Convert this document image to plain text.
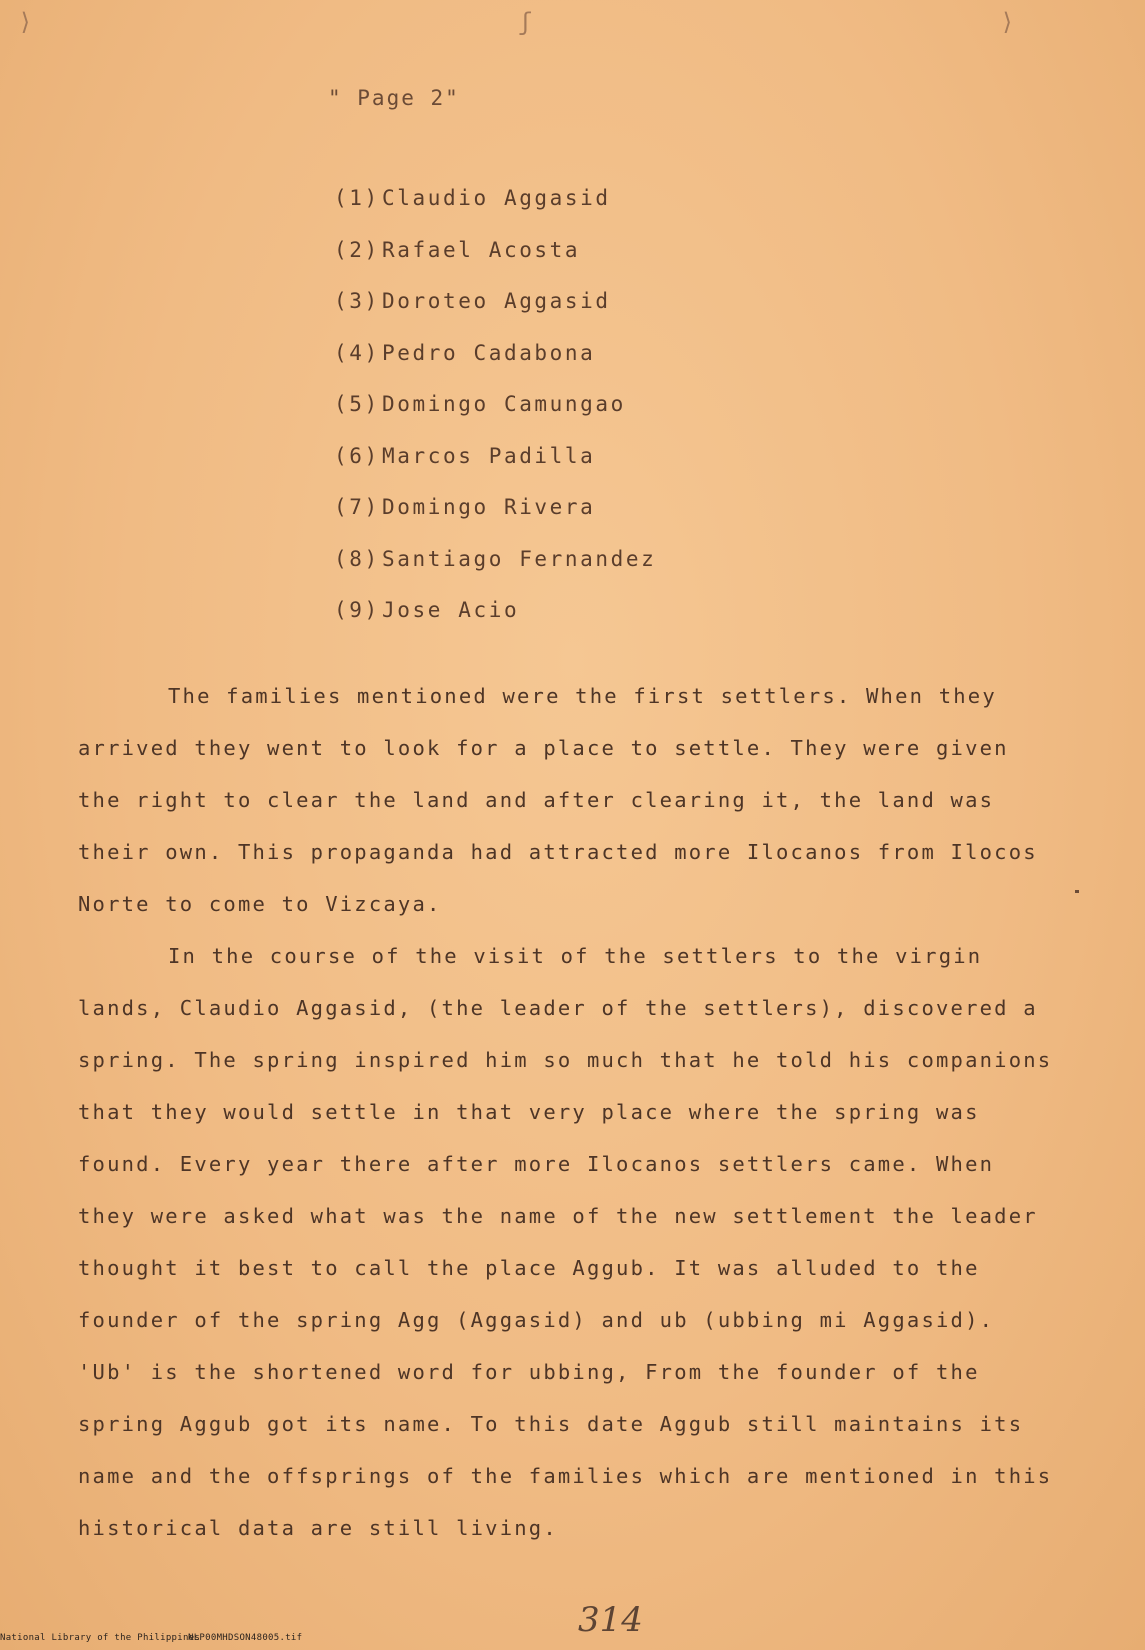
⟩	ʃ	⟩
" Page 2"
(1) Claudio Aggasid
(2) Rafael Acosta
(3) Doroteo Aggasid
(4) Pedro Cadabona
(5) Domingo Camungao
(6) Marcos Padilla
(7) Domingo Rivera
(8) Santiago Fernandez
(9) Jose Acio

The families mentioned were the first settlers. When they arrived they went to look for a place to settle. They were given the right to clear the land and after clearing it, the land was their own. This propaganda had attracted more Ilocanos from Ilocos Norte to come to Vizcaya.

In the course of the visit of the settlers to the virgin lands, Claudio Aggasid, (the leader of the settlers), discovered a spring. The spring inspired him so much that he told his companions that they would settle in that very place where the spring was found. Every year there after more Ilocanos settlers came. When they were asked what was the name of the new settlement the leader thought it best to call the place Aggub. It was alluded to the founder of the spring Agg (Aggasid) and ub (ubbing mi Aggasid). 'Ub' is the shortened word for ubbing, From the founder of the spring Aggub got its name. To this date Aggub still maintains its name and the offsprings of the families which are mentioned in this historical data are still living.

314
National Library of the Philippines
NLP00MHDSON48005.tif
